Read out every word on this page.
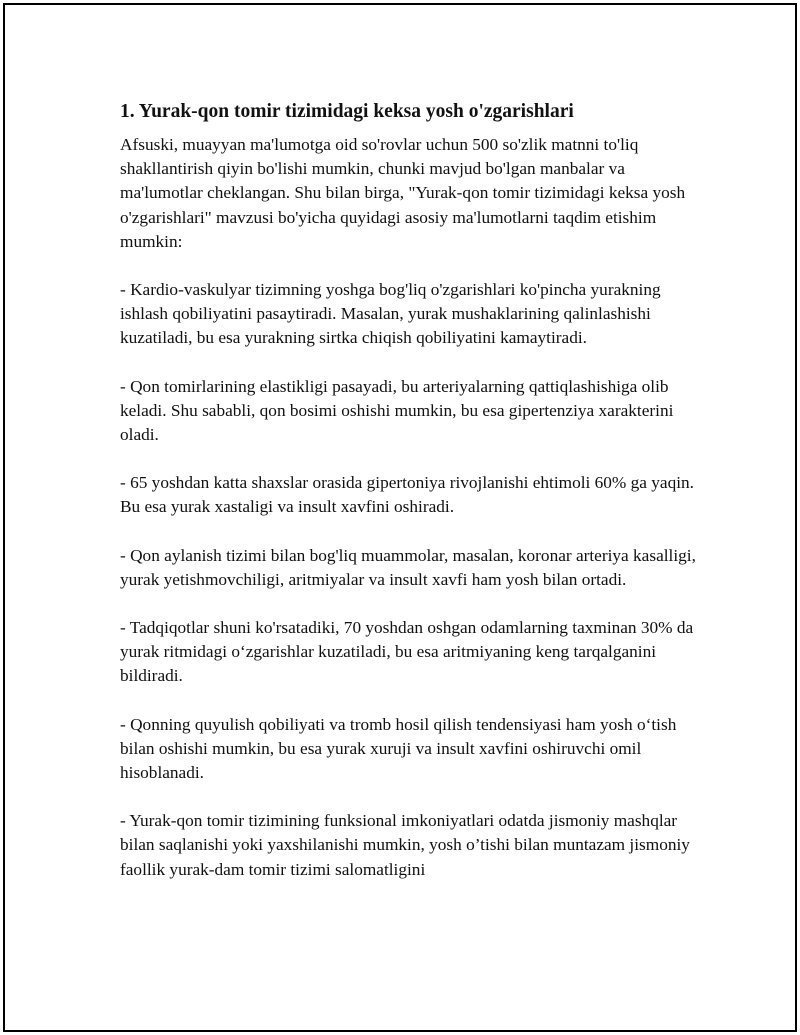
1. Yurak-qon tomir tizimidagi keksa yosh o'zgarishlari

Afsuski, muayyan ma'lumotga oid so'rovlar uchun 500 so'zlik matnni to'liq shakllantirish qiyin bo'lishi mumkin, chunki mavjud bo'lgan manbalar va ma'lumotlar cheklangan. Shu bilan birga, "Yurak-qon tomir tizimidagi keksa yosh o'zgarishlari" mavzusi bo'yicha quyidagi asosiy ma'lumotlarni taqdim etishim mumkin:

- Kardio-vaskulyar tizimning yoshga bog'liq o'zgarishlari ko'pincha yurakning ishlash qobiliyatini pasaytiradi. Masalan, yurak mushaklarining qalinlashishi kuzatiladi, bu esa yurakning sirtka chiqish qobiliyatini kamaytiradi.

- Qon tomirlarining elastikligi pasayadi, bu arteriyalarning qattiqlashishiga olib keladi. Shu sababli, qon bosimi oshishi mumkin, bu esa gipertenziya xarakterini oladi.

- 65 yoshdan katta shaxslar orasida gipertoniya rivojlanishi ehtimoli 60% ga yaqin. Bu esa yurak xastaligi va insult xavfini oshiradi.

- Qon aylanish tizimi bilan bog'liq muammolar, masalan, koronar arteriya kasalligi, yurak yetishmovchiligi, aritmiyalar va insult xavfi ham yosh bilan ortadi.

- Tadqiqotlar shuni ko'rsatadiki, 70 yoshdan oshgan odamlarning taxminan 30% da yurak ritmidagi o‘zgarishlar kuzatiladi, bu esa aritmiyaning keng tarqalganini bildiradi.

- Qonning quyulish qobiliyati va tromb hosil qilish tendensiyasi ham yosh o‘tish bilan oshishi mumkin, bu esa yurak xuruji va insult xavfini oshiruvchi omil hisoblanadi.

- Yurak-qon tomir tizimining funksional imkoniyatlari odatda jismoniy mashqlar bilan saqlanishi yoki yaxshilanishi mumkin, yosh o’tishi bilan muntazam jismoniy faollik yurak-dam tomir tizimi salomatligini
